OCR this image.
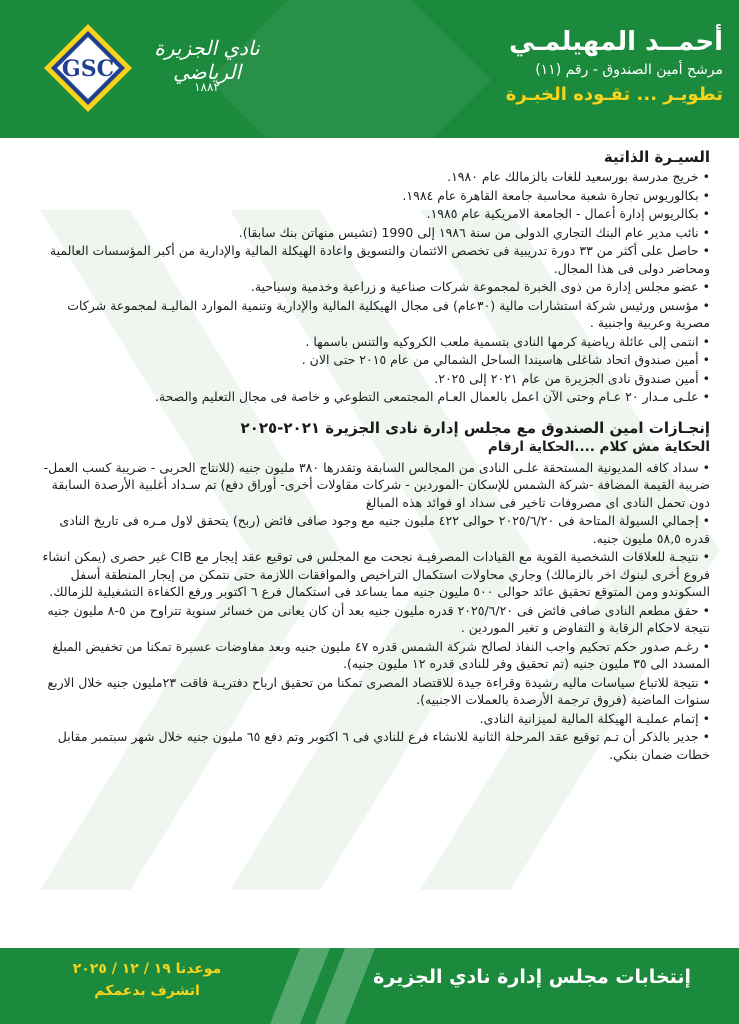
GSC
نادي الجزيرة الرياضي
١٨٨٢
أحمــد المهيلمـي
مرشح أمين الصندوق - رقم (١١)
تطويـر ... تقـوده الخبـرة
السيـرة الذاتية
• خريج مدرسة بورسعيد للغات بالزمالك عام ١٩٨٠.
• بكالوريوس تجارة شعبة محاسبة جامعة القاهرة عام ١٩٨٤.
• بكالريوس إدارة أعمال - الجامعة الامريكية عام ١٩٨٥.
• نائب مدير عام البنك التجاري الدولى من سنة ١٩٨٦ إلى 1990 (تشيس منهاتن بنك سابقا).
• حاصل على أكثر من ٣٣ دورة تدريبية فى تخصص الائتمان والتسويق واعادة الهيكلة المالية والإدارية من أكبر المؤسسات العالمية ومحاضر دولى فى هذا المجال.
• عضو مجلس إدارة من ذوى الخبرة لمجموعة شركات صناعية و زراعية وخدمية وسياحية.
• مؤسس ورئيس شركة استشارات مالية (٣٠عام) فى مجال الهيكلية المالية والإدارية وتنمية الموارد الماليـة لمجموعة شركات مصرية وعربية واجنبية .
• انتمى إلى عائلة رياضية كرمها النادى بتسمية ملعب الكروكيه والتنس باسمها .
• أمين صندوق اتحاد شاغلى هاسيندا الساحل الشمالي من عام ٢٠١٥ حتى الان .
• أمين صندوق نادى الجزيرة من عام ٢٠٢١ إلى ٢٠٢٥.
• علـى مـدار ٢٠ عـام وحتى الآن اعمل بالعمال العـام المجتمعى التطوعي و خاصة فى مجال التعليم والصحة.
إنجـازات امين الصندوق مع مجلس إدارة نادى الجزيرة ٢٠٢١-٢٠٢٥
الحكاية مش كلام ....الحكاية ارقام
• سداد كافه المديونية المستحقة علـى النادى من المجالس السابقة وتقدرها ٣٨٠ مليون جنيه (للانتاج الحربى - ضريبة كسب العمل- ضريبة القيمة المضافة -شركة الشمس للإسكان -الموردين - شركات مقاولات أخرى- أوراق دفع) تم سـداد أغلبية الأرصدة السابقة دون تحمل النادى اى مصروفات تاخير فى سداد او فوائد هذه المبالغ
• إجمالي السيولة المتاحة فى ٢٠٢٥/٦/٢٠ حوالى ٤٢٢ مليون جنيه مع وجود صافى فائض (ربح) يتحقق لاول مـره فى تاريخ النادى قدره ٥٨,٥ مليون جنيه.
• نتيجـة للعلاقات الشخصية القوية مع القيادات المصرفيـة نجحت مع المجلس فى توقيع عقد إيجار مع CIB غير حصرى (يمكن انشاء فروع أخرى لبنوك اخر بالزمالك) وجاري محاولات استكمال التراخيص والموافقات اللازمة حتى نتمكن من إيجار المنطقة أسفل السكوندو ومن المتوقع تحقيق عائد حوالى ٥٠٠ مليون جنيه مما يساعد فى استكمال فرع ٦ اكتوبر ورفع الكفاءة التشغيلية للزمالك.
• حقق مطعم النادى صافى فائض فى ٢٠٢٥/٦/٢٠ قدره مليون جنيه بعد أن كان يعانى من خسائر سنوية تتراوح من ٥-٨ مليون جنيه نتيجة لاحكام الرقابة و التفاوض و تغير الموردين .
• رغـم صدور حكم تحكيم واجب النفاذ لصالح شركة الشمس قدره ٤٧ مليون جنيه وبعد مفاوضات عسيرة تمكنا من تخفيض المبلغ المسدد الى ٣٥ مليون جنيه (تم تحقيق وفر للنادى قدره ١٢ مليون جنيه).
• نتيجة للاتباع سياسات ماليه رشيدة وقراءة جيدة للاقتصاد المصرى تمكنا من تحقيق ارباح دفتريـة فاقت ٢٣مليون جنيه خلال الاربع سنوات الماضية (فروق ترجمة الأرصدة بالعملات الاجنبيه).
• إتمام عمليـة الهيكلة المالية لميزانية النادى.
• جدير بالذكر أن تـم توقيع عقد المرحلة الثانية للانشاء فرع للنادي فى ٦ اكتوبر وتم دفع ٦٥ مليون جنيه خلال شهر سبتمبر مقابل خطات ضمان بنكي.
إنتخابات مجلس إدارة نادي الجزيرة
موعدنا ١٩ / ١٢ / ٢٠٢٥
اتشرف بدعمكم
